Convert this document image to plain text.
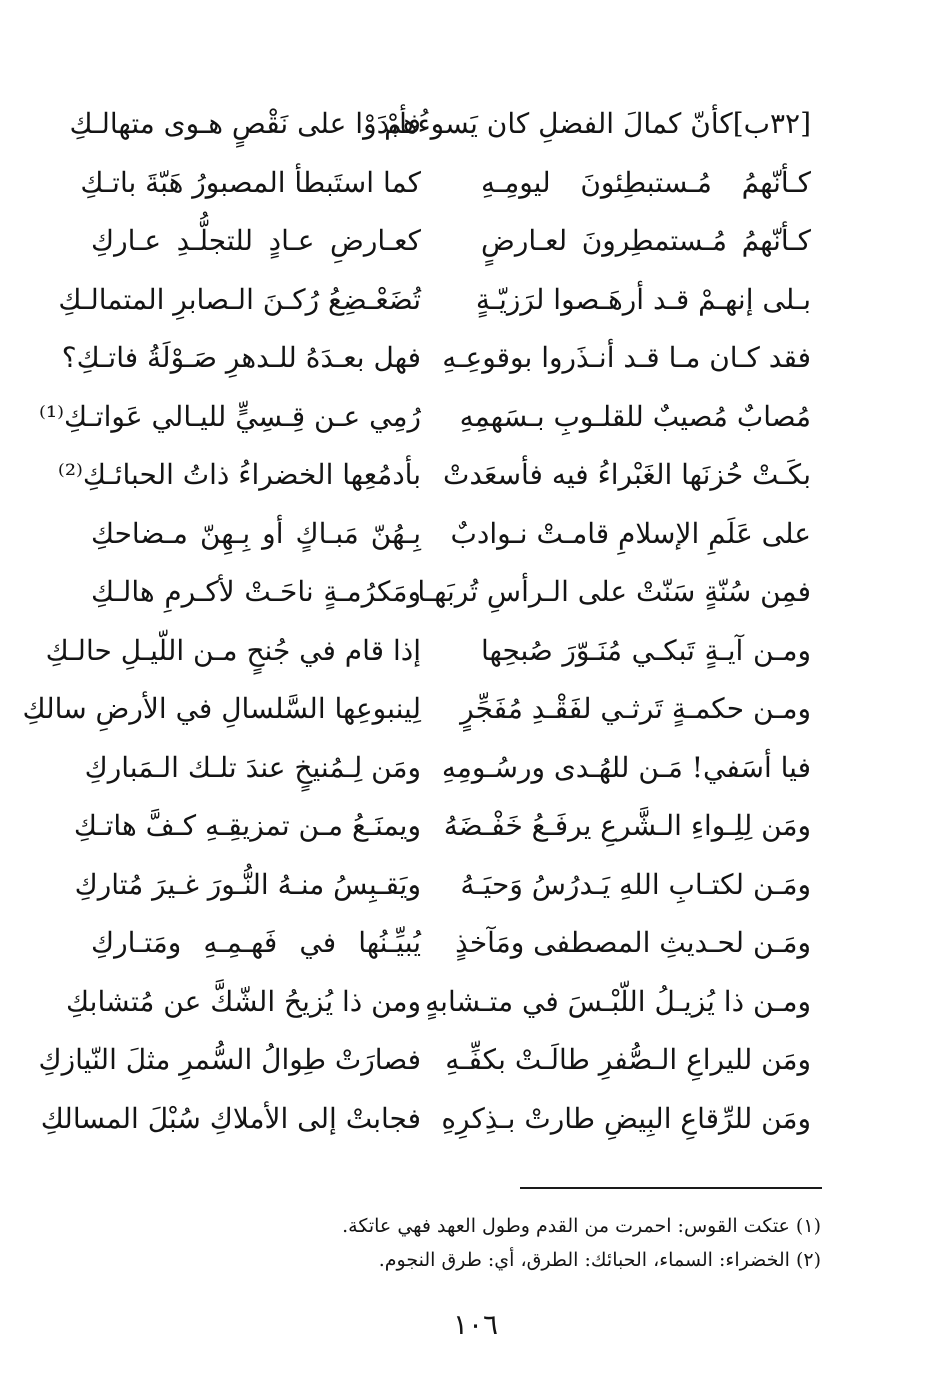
[٣٢ب]كأنّ كمالَ الفضلِ كان يَسوءُهمْ
فأبدَوْا على نَقْصٍ هـوى متهالـكِ
كـأنّهمُ مُـستبطِئونَ ليومِـهِ
كما استَبطأ المصبورُ هَبّةَ باتـكِ
كـأنّهمُ مُـستمطِرونَ لعـارضٍ
كعـارضِ عـادٍ للتجلُّـدِ عـاركِ
بـلى إنهـمْ قـد أرهَـصوا لرَزيّـةٍ
تُضَعْـضِعُ رُكـنَ الـصابرِ المتمالـكِ
فقد كـان مـا قـد أنـذَروا بوقوعِـهِ
فهل بعـدَهُ للـدهرِ صَـوْلَةُ فاتـكِ؟
مُصابٌ مُصيبٌ للقلـوبِ بـسَهمِهِ
رُمِي عـن قِـسِيٍّ لليـالي عَواتـكِ⁽¹⁾
بكَـتْ حُزنَها الغَبْراءُ فيه فأسعَدتْ
بأدمُعِها الخضراءُ ذاتُ الحبائـكِ⁽²⁾
على عَلَمِ الإسلامِ قامـتْ نـوادبٌ
بِـهُنّ مَبـاكٍ أو بِـهِنّ مـضاحكِ
فمِن سُنّةٍ سَنّتْ على الـرأسِ تُربَهـا
ومَكرُمـةٍ ناحَـتْ لأكـرمِ هالـكِ
ومـن آيـةٍ تَبكـي مُنَـوّرَ صُبحِها
إذا قام في جُنحٍ مـن اللّيـلِ حالـكِ
ومـن حكمـةٍ تَرثـي لفَقْـدِ مُفَجِّرٍ
لِينبوعِها السَّلسالِ في الأرضِ سالكِ
فيا أسَفي! مَـن للهُـدى ورسُـومِهِ
ومَن لِـمُنيخٍ عندَ تلـك الـمَباركِ
ومَن لِلِـواءِ الـشَّرعِ يرفَـعُ خَفْـضَهُ
ويمنَـعُ مـن تمزيقِـهِ كـفَّ هاتـكِ
ومَـن لكتـابِ اللهِ يَـدرُسُ وَحيَـهُ
ويَقـبِسُ منـهُ النُّـورَ غـيرَ مُتاركِ
ومَـن لحـديثِ المصطفى ومَآخذٍ
يُبيِّـنُها في فَهـمِـهِ ومَتـاركِ
ومـن ذا يُزيـلُ اللّبْـسَ في متـشابهٍ
ومن ذا يُزيحُ الشّكَّ عن مُتشابكِ
ومَن لليراعِ الـصُّفرِ طالَـتْ بكفِّـهِ
فصارَتْ طِوالُ السُّمرِ مثلَ النّيازكِ
ومَن للرِّقاعِ البِيضِ طارتْ بـذِكرِهِ
فجابتْ إلى الأملاكِ سُبْلَ المسالكِ
(١) عتكت القوس: احمرت من القدم وطول العهد فهي عاتكة.
(٢) الخضراء: السماء، الحبائك: الطرق، أي: طرق النجوم.
١٠٦
